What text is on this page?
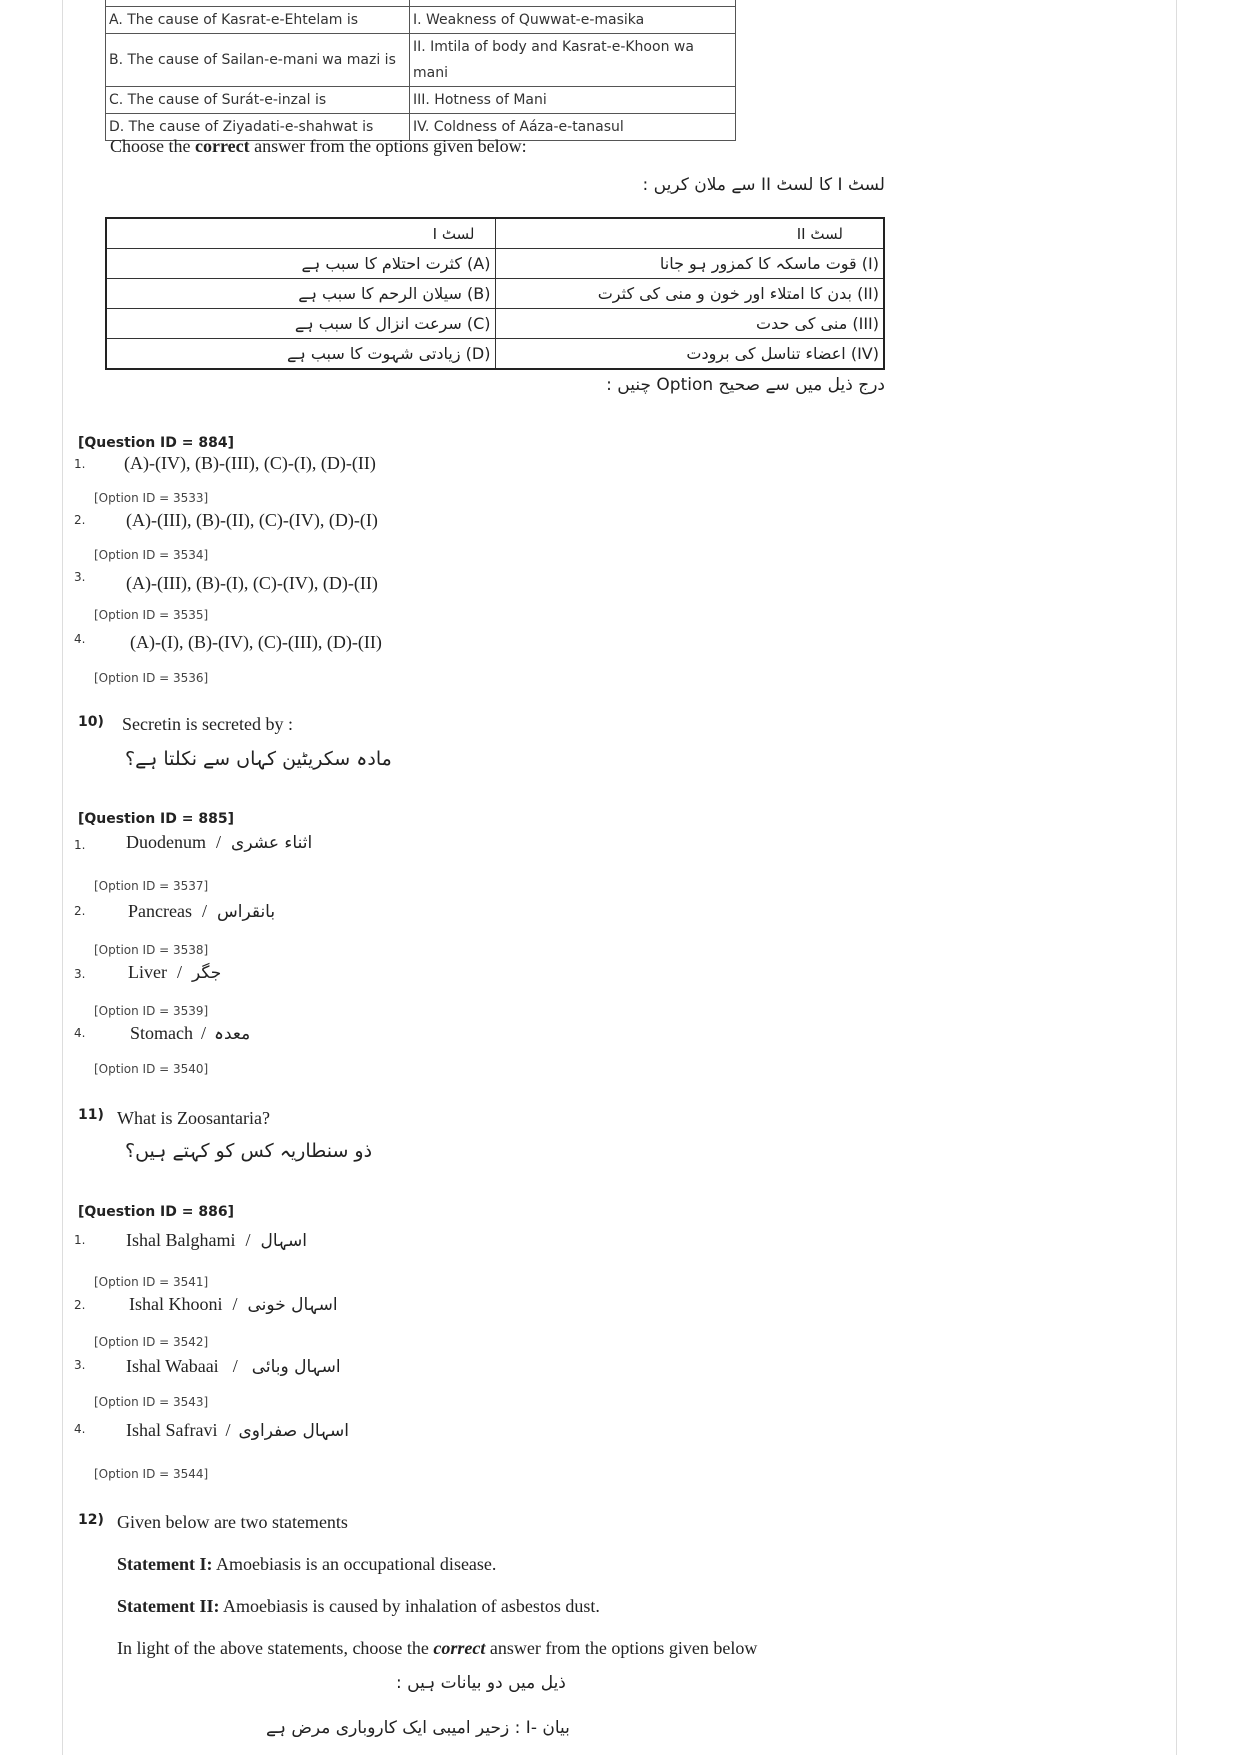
A. The cause of Kasrat-e-Ehtelam is	I. Weakness of Quwwat-e-masika
B. The cause of Sailan-e-mani wa mazi is	II. Imtila of body and Kasrat-e-Khoon wa mani
C. The cause of Surát-e-inzal is	III. Hotness of Mani
D. The cause of Ziyadati-e-shahwat is	IV. Coldness of Aáza-e-tanasul
Choose the correct answer from the options given below:
لسٹ I کا لسٹ II سے ملان کریں :
لسٹ I	لسٹ II
(A) کثرت احتلام کا سبب ہے	(I) قوت ماسکہ کا کمزور ہو جانا
(B) سیلان الرحم کا سبب ہے	(II) بدن کا امتلاء اور خون و منی کی کثرت
(C) سرعت انزال کا سبب ہے	(III) منی کی حدت
(D) زیادتی شہوت کا سبب ہے	(IV) اعضاء تناسل کی برودت
درج ذیل میں سے صحیح Option چنیں :
[Question ID = 884]
1. (A)-(IV), (B)-(III), (C)-(I), (D)-(II)
[Option ID = 3533]
2. (A)-(III), (B)-(II), (C)-(IV), (D)-(I)
[Option ID = 3534]
3. (A)-(III), (B)-(I), (C)-(IV), (D)-(II)
[Option ID = 3535]
4. (A)-(I), (B)-(IV), (C)-(III), (D)-(II)
[Option ID = 3536]
10) Secretin is secreted by :
مادہ سکریٹین کہاں سے نکلتا ہے؟
[Question ID = 885]
1. Duodenum / اثناء عشری
[Option ID = 3537]
2. Pancreas / بانقراس
[Option ID = 3538]
3. Liver / جگر
[Option ID = 3539]
4. Stomach / معدہ
[Option ID = 3540]
11) What is Zoosantaria?
ذو سنطاریہ کس کو کہتے ہیں؟
[Question ID = 886]
1. Ishal Balghami / اسہال
[Option ID = 3541]
2. Ishal Khooni / اسہال خونی
[Option ID = 3542]
3. Ishal Wabaai / اسہال وبائی
[Option ID = 3543]
4. Ishal Safravi / اسہال صفراوی
[Option ID = 3544]
12) Given below are two statements
Statement I: Amoebiasis is an occupational disease.
Statement II: Amoebiasis is caused by inhalation of asbestos dust.
In light of the above statements, choose the correct answer from the options given below
ذیل میں دو بیانات ہیں :
بیان -I : زحیر امیبی ایک کاروباری مرض ہے
